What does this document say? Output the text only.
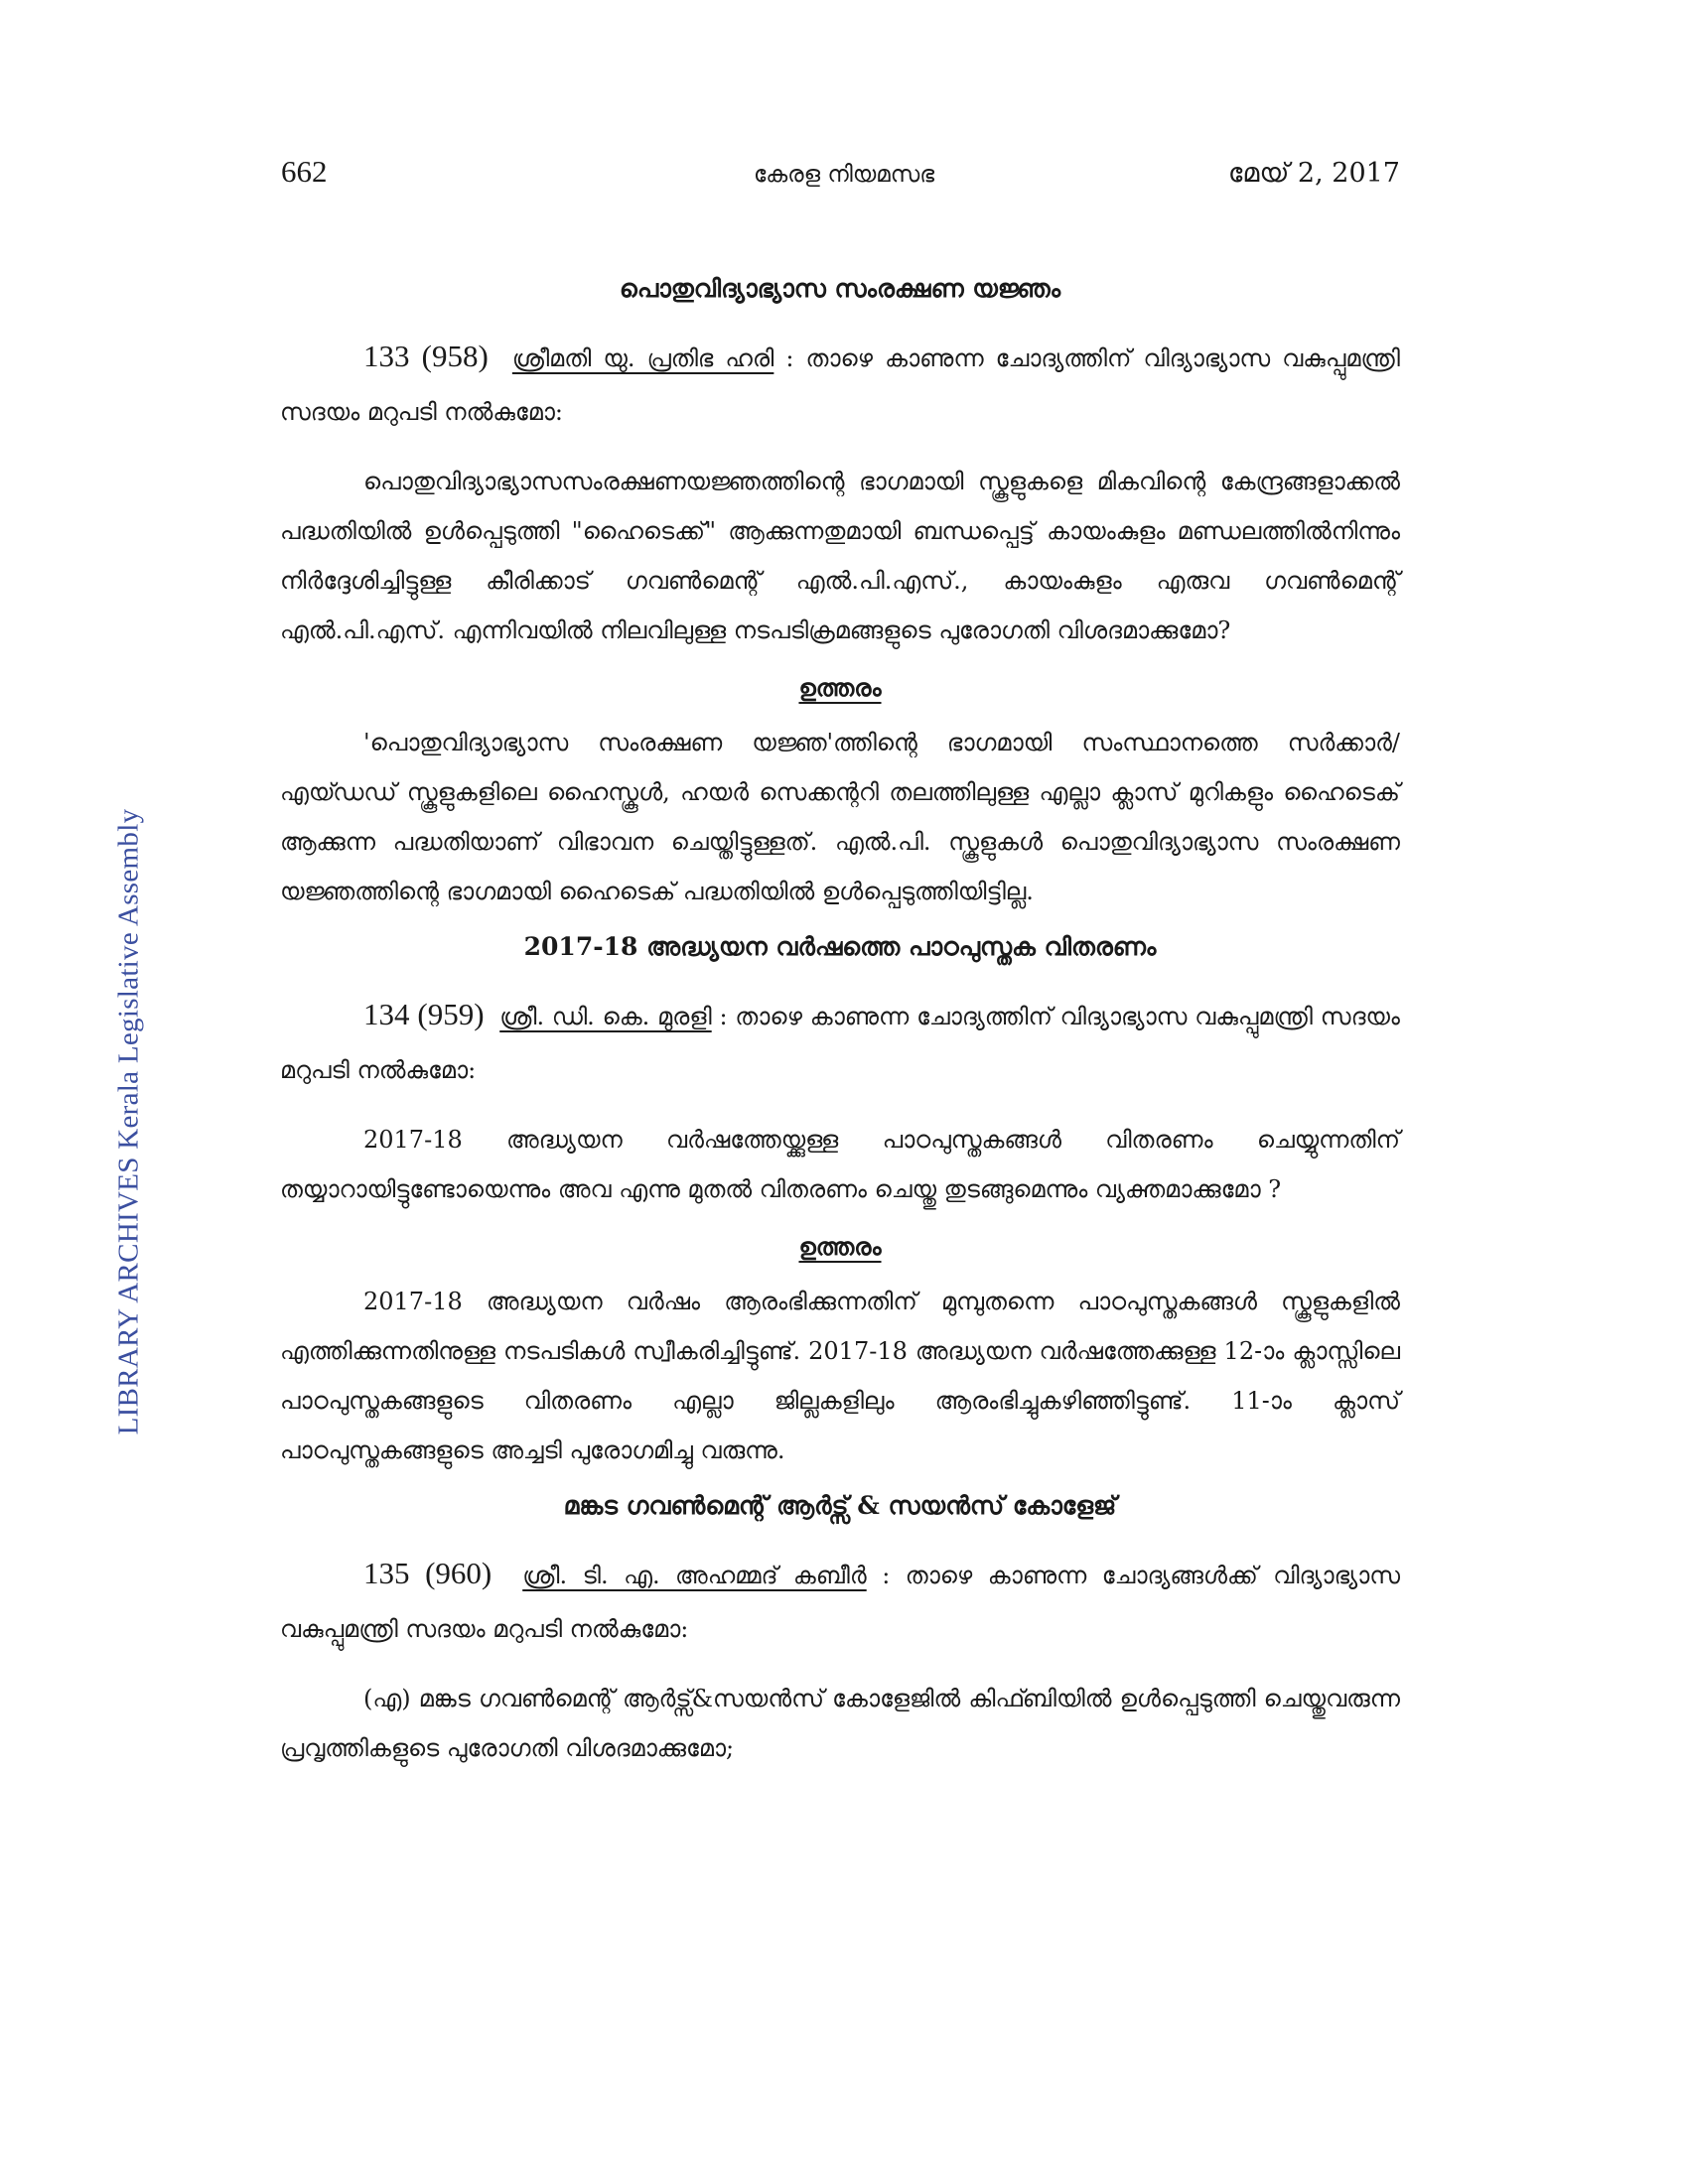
LIBRARY ARCHIVES Kerala Legislative Assembly
662	കേരള നിയമസഭ	മേയ് 2, 2017
പൊതുവിദ്യാഭ്യാസ സംരക്ഷണ യജ്ഞം

133 (958) ശ്രീമതി യു. പ്രതിഭ ഹരി : താഴെ കാണുന്ന ചോദ്യത്തിന് വിദ്യാഭ്യാസ വകുപ്പുമന്ത്രി സദയം മറുപടി നൽകുമോ:

പൊതുവിദ്യാഭ്യാസസംരക്ഷണയജ്ഞത്തിന്റെ ഭാഗമായി സ്കൂളുകളെ മികവിന്റെ കേന്ദ്രങ്ങളാക്കൽ പദ്ധതിയിൽ ഉൾപ്പെടുത്തി "ഹൈടെക്ക്" ആക്കുന്നതുമായി ബന്ധപ്പെട്ട് കായംകുളം മണ്ഡലത്തിൽനിന്നും നിർദ്ദേശിച്ചിട്ടുള്ള കീരിക്കാട് ഗവൺമെന്റ് എൽ.പി.എസ്., കായംകുളം എരുവ ഗവൺമെന്റ് എൽ.പി.എസ്. എന്നിവയിൽ നിലവിലുള്ള നടപടിക്രമങ്ങളുടെ പുരോഗതി വിശദമാക്കുമോ?

ഉത്തരം

'പൊതുവിദ്യാഭ്യാസ സംരക്ഷണ യജ്ഞ'ത്തിന്റെ ഭാഗമായി സംസ്ഥാനത്തെ സർക്കാർ/എയ്ഡഡ് സ്കൂളുകളിലെ ഹൈസ്കൂൾ, ഹയർ സെക്കന്ററി തലത്തിലുള്ള എല്ലാ ക്ലാസ് മുറികളും ഹൈടെക് ആക്കുന്ന പദ്ധതിയാണ് വിഭാവന ചെയ്തിട്ടുള്ളത്. എൽ.പി. സ്കൂളുകൾ പൊതുവിദ്യാഭ്യാസ സംരക്ഷണ യജ്ഞത്തിന്റെ ഭാഗമായി ഹൈടെക് പദ്ധതിയിൽ ഉൾപ്പെടുത്തിയിട്ടില്ല.

2017-18 അദ്ധ്യയന വർഷത്തെ പാഠപുസ്തക വിതരണം

134 (959) ശ്രീ. ഡി. കെ. മുരളി : താഴെ കാണുന്ന ചോദ്യത്തിന് വിദ്യാഭ്യാസ വകുപ്പുമന്ത്രി സദയം മറുപടി നൽകുമോ:

2017-18 അദ്ധ്യയന വർഷത്തേയ്ക്കുള്ള പാഠപുസ്തകങ്ങൾ വിതരണം ചെയ്യുന്നതിന് തയ്യാറായിട്ടുണ്ടോയെന്നും അവ എന്നു മുതൽ വിതരണം ചെയ്തു തുടങ്ങുമെന്നും വ്യക്തമാക്കുമോ ?

ഉത്തരം

2017-18 അദ്ധ്യയന വർഷം ആരംഭിക്കുന്നതിന് മുമ്പുതന്നെ പാഠപുസ്തകങ്ങൾ സ്കൂളുകളിൽ എത്തിക്കുന്നതിനുള്ള നടപടികൾ സ്വീകരിച്ചിട്ടുണ്ട്. 2017-18 അദ്ധ്യയന വർഷത്തേക്കുള്ള 12-ാം ക്ലാസ്സിലെ പാഠപുസ്തകങ്ങളുടെ വിതരണം എല്ലാ ജില്ലകളിലും ആരംഭിച്ചുകഴിഞ്ഞിട്ടുണ്ട്. 11-ാം ക്ലാസ് പാഠപുസ്തകങ്ങളുടെ അച്ചടി പുരോഗമിച്ചു വരുന്നു.

മങ്കട ഗവൺമെന്റ് ആർട്സ് & സയൻസ് കോളേജ്

135 (960) ശ്രീ. ടി. എ. അഹമ്മദ് കബീർ : താഴെ കാണുന്ന ചോദ്യങ്ങൾക്ക് വിദ്യാഭ്യാസ വകുപ്പുമന്ത്രി സദയം മറുപടി നൽകുമോ:

(എ) മങ്കട ഗവൺമെന്റ് ആർട്സ്&സയൻസ് കോളേജിൽ കിഫ്ബിയിൽ ഉൾപ്പെടുത്തി ചെയ്തുവരുന്ന പ്രവൃത്തികളുടെ പുരോഗതി വിശദമാക്കുമോ;
